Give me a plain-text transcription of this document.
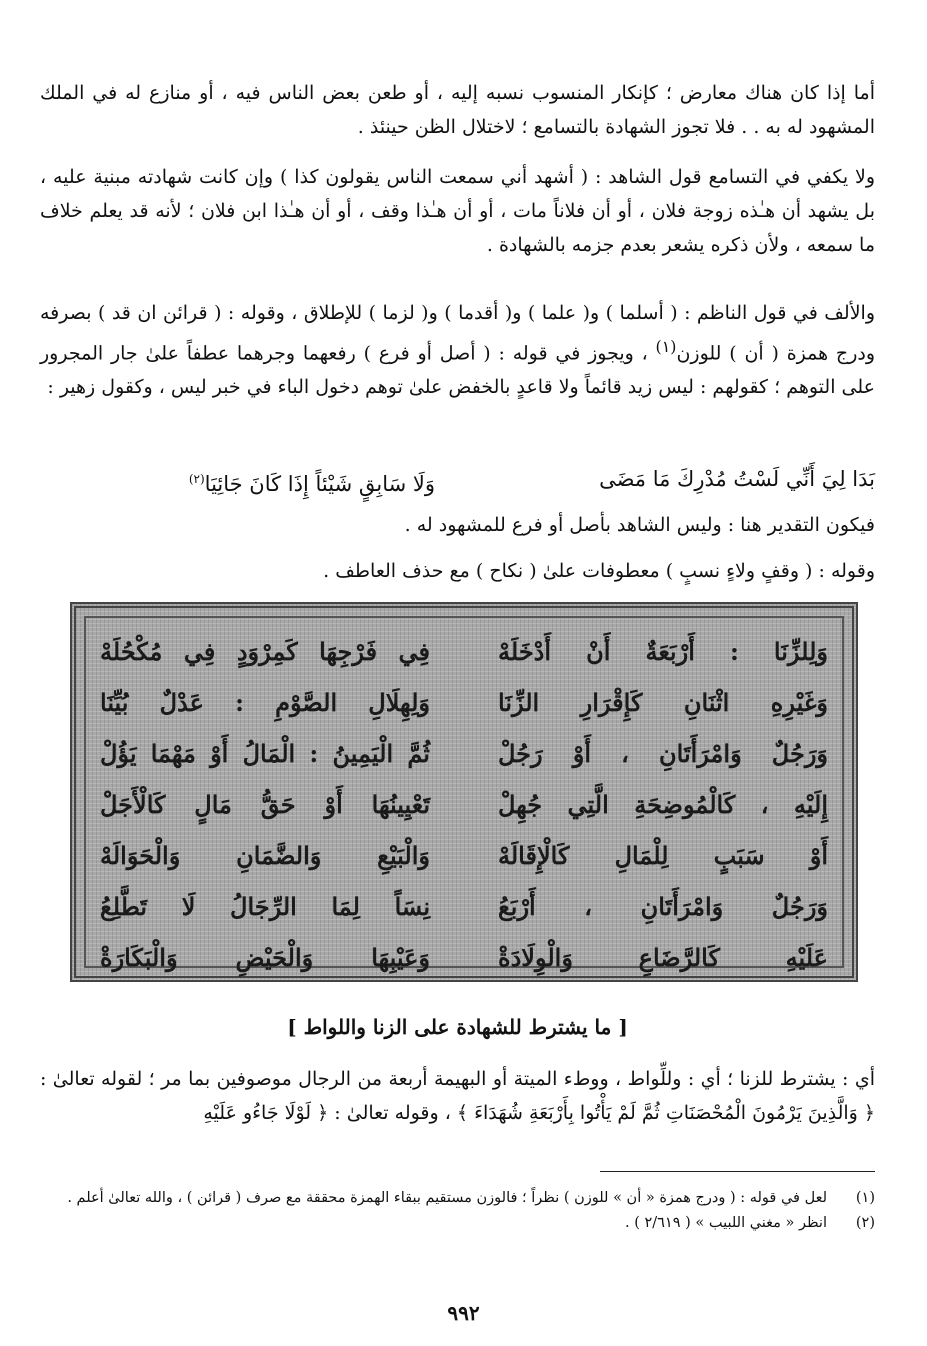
أما إذا كان هناك معارض ؛ كإنكار المنسوب نسبه إليه ، أو طعن بعض الناس فيه ، أو منازع له في الملك المشهود له به . . فلا تجوز الشهادة بالتسامع ؛ لاختلال الظن حينئذ .

ولا يكفي في التسامع قول الشاهد : ( أشهد أني سمعت الناس يقولون كذا ) وإن كانت شهادته مبنية عليه ، بل يشهد أن هـٰذه زوجة فلان ، أو أن فلاناً مات ، أو أن هـٰذا وقف ، أو أن هـٰذا ابن فلان ؛ لأنه قد يعلم خلاف ما سمعه ، ولأن ذكره يشعر بعدم جزمه بالشهادة .

والألف في قول الناظم : ( أسلما ) و( علما ) و( أقدما ) و( لزما ) للإطلاق ، وقوله : ( قرائن ان قد ) بصرفه ودرج همزة ( أن ) للوزن$^{(١)}$ ، ويجوز في قوله : ( أصل أو فرع ) رفعهما وجرهما عطفاً علىٰ جار المجرور على التوهم ؛ كقولهم : ليس زيد قائماً ولا قاعدٍ بالخفض علىٰ توهم دخول الباء في خبر ليس ، وكقول زهير :

بَدَا لِيَ أَنِّي لَسْتُ مُدْرِكَ مَا مَضَى
وَلَا سَابِقٍ شَيْئاً إِذَا كَانَ جَائِيَا$^{(٢)}$

فيكون التقدير هنا : وليس الشاهد بأصل أو فرع للمشهود له .

وقوله : ( وقفٍ ولاءٍ نسبٍ ) معطوفات علىٰ ( نكاح ) مع حذف العاطف .

وَلِلزِّنَا : أَرْبَعَةٌ أَنْ أَدْخَلَهْ
فِي فَرْجِهَا كَمِرْوَدٍ فِي مُكْحُلَهْ
وَغَيْرِهِ اثْنَانِ كَإِقْرَارِ الزِّنَا
وَلِهِلَالِ الصَّوْمِ : عَدْلٌ بُيِّنَا
وَرَجُلٌ وَامْرَأَتَانِ ، أَوْ رَجُلْ
ثُمَّ الْيَمِينُ : الْمَالُ أَوْ مَهْمَا يَؤُلْ
إِلَيْهِ ، كَالْمُوضِحَةِ الَّتِي جُهِلْ
تَعْيِينُهَا أَوْ حَقُّ مَالٍ كَالْأَجَلْ
أَوْ سَبَبٍ لِلْمَالِ كَالْإِقَالَهْ
وَالْبَيْعِ وَالضَّمَانِ وَالْحَوَالَهْ
وَرَجُلٌ وَامْرَأَتَانِ ، أَرْبَعُ
نِسَاً لِمَا الرِّجَالُ لَا تَطَّلِعُ
عَلَيْهِ كَالرَّضَاعِ وَالْوِلَادَةْ
وَعَيْبِهَا وَالْحَيْضِ وَالْبَكَارَةْ
[ ما يشترط للشهادة على الزنا واللواط ]

أي : يشترط للزنا ؛ أي : وللِّواط ، ووطء الميتة أو البهيمة أربعة من الرجال موصوفين بما مر ؛ لقوله تعالىٰ : ﴿ وَالَّذِينَ يَرْمُونَ الْمُحْصَنَاتِ ثُمَّ لَمْ يَأْتُوا بِأَرْبَعَةِ شُهَدَاءَ ﴾ ، وقوله تعالىٰ : ﴿ لَوْلَا جَاءُو عَلَيْهِ

(١)
لعل في قوله : ( ودرج همزة « أن » للوزن ) نظراً ؛ فالوزن مستقيم ببقاء الهمزة محققة مع صرف ( قرائن ) ، والله تعالىٰ أعلم .
(٢)
انظر « مغني اللبيب » ( ٢/٦١٩ ) .
٩٩٢
